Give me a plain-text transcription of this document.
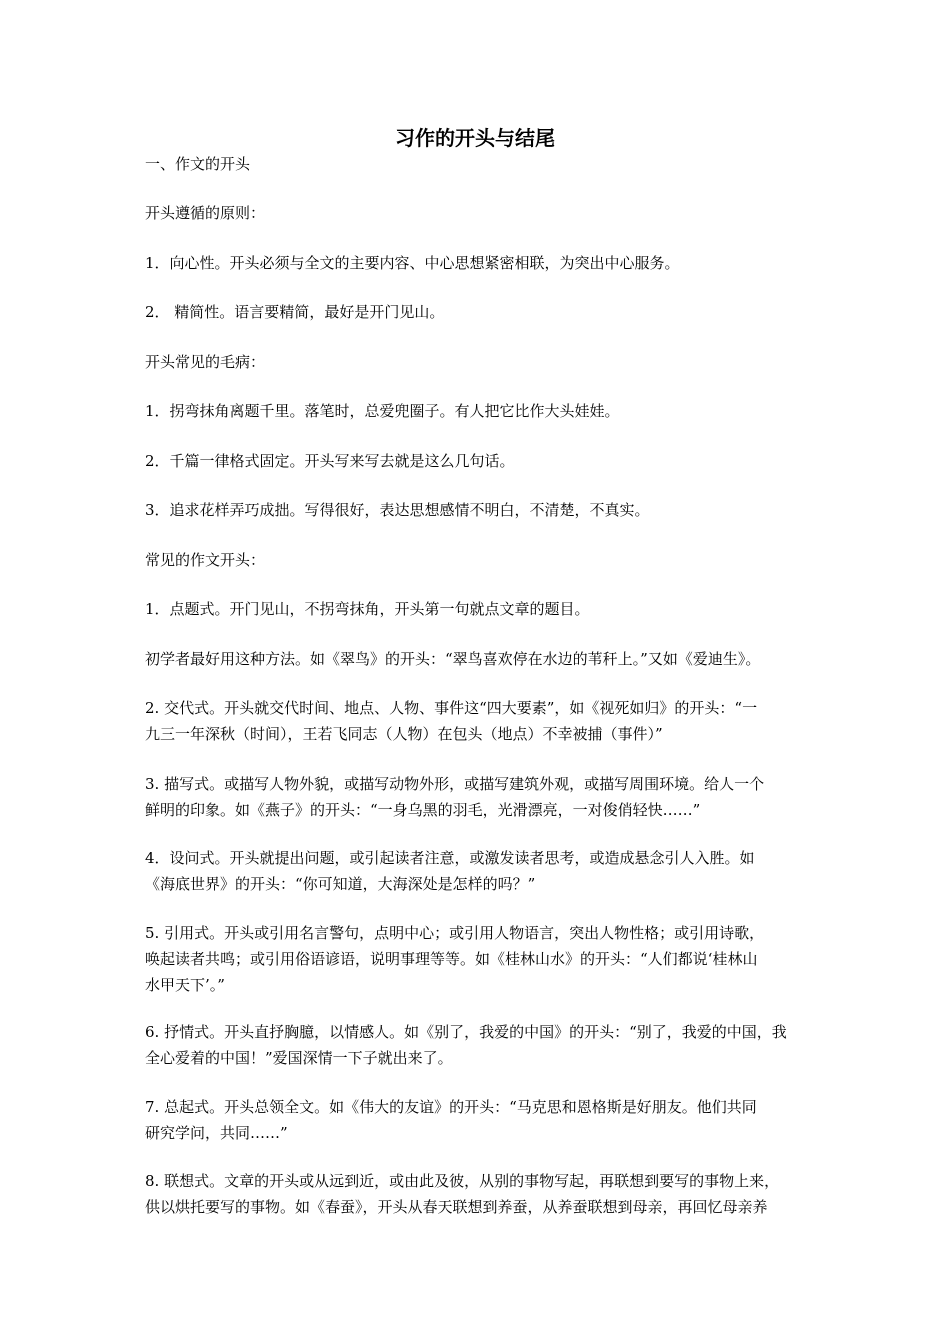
习作的开头与结尾

一、作文的开头

开头遵循的原则：

1．向心性。开头必须与全文的主要内容、中心思想紧密相联，为突出中心服务。

2． 精简性。语言要精简，最好是开门见山。

开头常见的毛病：

1．拐弯抹角离题千里。落笔时，总爱兜圈子。有人把它比作大头娃娃。

2．千篇一律格式固定。开头写来写去就是这么几句话。

3．追求花样弄巧成拙。写得很好，表达思想感情不明白，不清楚，不真实。

常见的作文开头：

1．点题式。开门见山，不拐弯抹角，开头第一句就点文章的题目。

初学者最好用这种方法。如《翠鸟》的开头：“翠鸟喜欢停在水边的苇秆上。”又如《爱迪生》。

2. 交代式。开头就交代时间、地点、人物、事件这“四大要素”，如《视死如归》的开头：“一
九三一年深秋（时间），王若飞同志（人物）在包头（地点）不幸被捕（事件）”

3. 描写式。或描写人物外貌，或描写动物外形，或描写建筑外观，或描写周围环境。给人一个
鲜明的印象。如《燕子》的开头：“一身乌黑的羽毛，光滑漂亮，一对俊俏轻快……”

4．设问式。开头就提出问题，或引起读者注意，或激发读者思考，或造成悬念引人入胜。如
《海底世界》的开头：“你可知道，大海深处是怎样的吗？”

5. 引用式。开头或引用名言警句，点明中心；或引用人物语言，突出人物性格；或引用诗歌，
唤起读者共鸣；或引用俗语谚语，说明事理等等。如《桂林山水》的开头：“人们都说‘桂林山
水甲天下’。”

6. 抒情式。开头直抒胸臆，以情感人。如《别了，我爱的中国》的开头：“别了，我爱的中国，我
全心爱着的中国！”爱国深情一下子就出来了。

7. 总起式。开头总领全文。如《伟大的友谊》的开头：“马克思和恩格斯是好朋友。他们共同
研究学问，共同……”

8. 联想式。文章的开头或从远到近，或由此及彼，从别的事物写起，再联想到要写的事物上来，
供以烘托要写的事物。如《春蚕》，开头从春天联想到养蚕，从养蚕联想到母亲，再回忆母亲养
